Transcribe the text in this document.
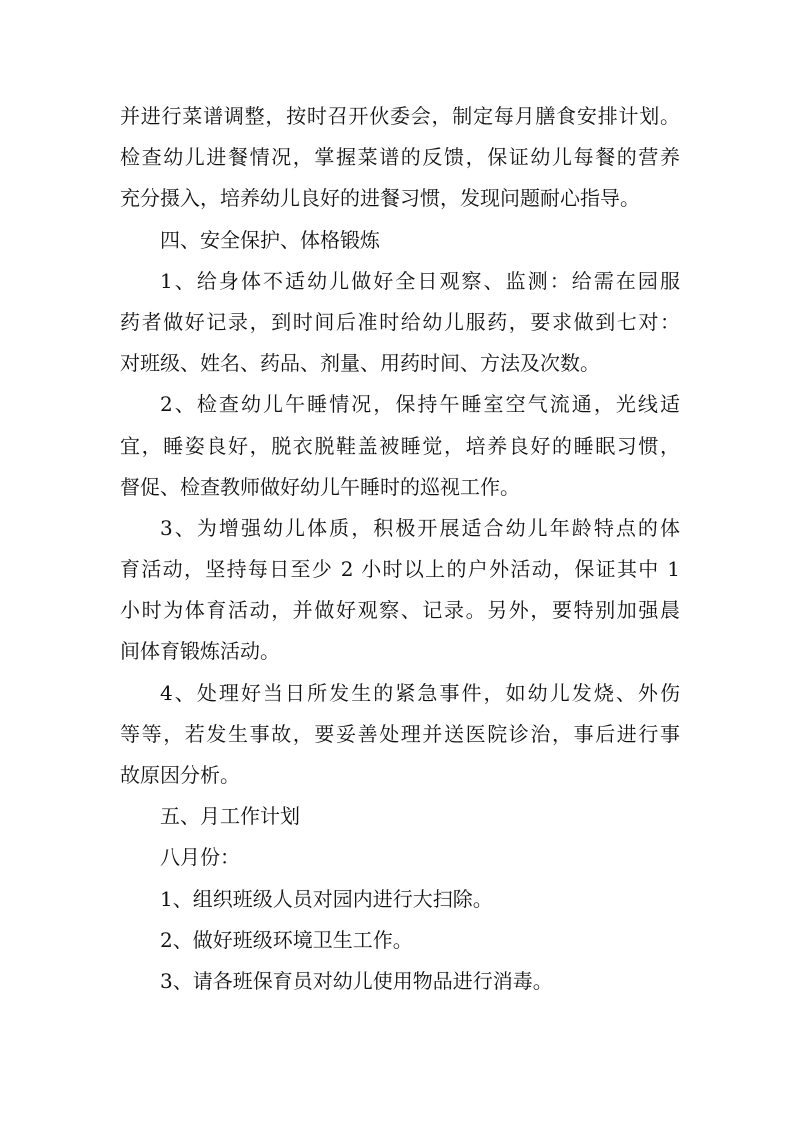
并进行菜谱调整，按时召开伙委会，制定每月膳食安排计划。
检查幼儿进餐情况，掌握菜谱的反馈，保证幼儿每餐的营养
充分摄入，培养幼儿良好的进餐习惯，发现问题耐心指导。
四、安全保护、体格锻炼
1、给身体不适幼儿做好全日观察、监测：给需在园服
药者做好记录，到时间后准时给幼儿服药，要求做到七对：
对班级、姓名、药品、剂量、用药时间、方法及次数。
2、检查幼儿午睡情况，保持午睡室空气流通，光线适
宜，睡姿良好，脱衣脱鞋盖被睡觉，培养良好的睡眠习惯，
督促、检查教师做好幼儿午睡时的巡视工作。
3、为增强幼儿体质，积极开展适合幼儿年龄特点的体
育活动，坚持每日至少 2 小时以上的户外活动，保证其中 1
小时为体育活动，并做好观察、记录。另外，要特别加强晨
间体育锻炼活动。
4、处理好当日所发生的紧急事件，如幼儿发烧、外伤
等等，若发生事故，要妥善处理并送医院诊治，事后进行事
故原因分析。
五、月工作计划
八月份：
1、组织班级人员对园内进行大扫除。
2、做好班级环境卫生工作。
3、请各班保育员对幼儿使用物品进行消毒。
